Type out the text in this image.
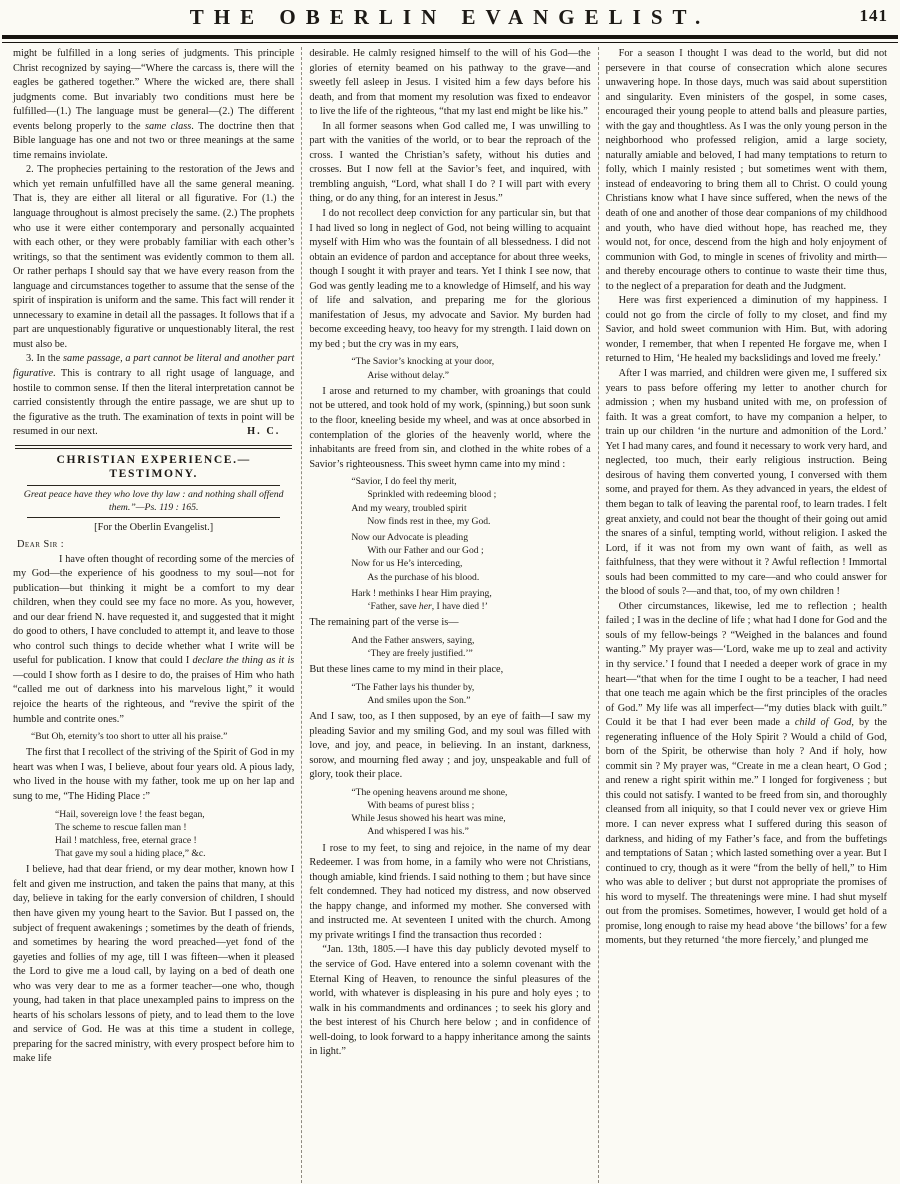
THE OBERLIN EVANGELIST.	141

might be fulfilled in a long series of judgments. This principle Christ recognized by saying—“Where the carcass is, there will the eagles be gathered together.” Where the wicked are, there shall judgments come. But invariably two conditions must here be fulfilled—(1.) The language must be general—(2.) The different events belong properly to the same class. The doctrine then that Bible language has one and not two or three meanings at the same time remains inviolate.

2. The prophecies pertaining to the restoration of the Jews and which yet remain unfulfilled have all the same general meaning. That is, they are either all literal or all figurative. For (1.) the language throughout is almost precisely the same. (2.) The prophets who use it were either contemporary and personally acquainted with each other, or they were probably familiar with each other’s writings, so that the sentiment was evidently common to them all. Or rather perhaps I should say that we have every reason from the language and circumstances together to assume that the sense of the spirit of inspiration is uniform and the same. This fact will render it unnecessary to examine in detail all the passages. It follows that if a part are unquestionably figurative or unquestionably literal, the rest must also be.

3. In the same passage, a part cannot be literal and another part figurative. This is contrary to all right usage of language, and hostile to common sense. If then the literal interpretation cannot be carried consistently through the entire passage, we are shut up to the figurative as the truth. The examination of texts in point will be resumed in our next.	H. C.

CHRISTIAN EXPERIENCE.—TESTIMONY.
Great peace have they who love thy law : and nothing shall offend them.”—Ps. 119 : 165.
[For the Oberlin Evangelist.]
Dear Sir :

I have often thought of recording some of the mercies of my God—the experience of his goodness to my soul—not for publication—but thinking it might be a comfort to my dear children, when they could see my face no more. As you, however, and our dear friend N. have requested it, and suggested that it might do good to others, I have concluded to attempt it, and leave to those who control such things to decide whether what I write will be useful for publication. I know that could I declare the thing as it is—could I show forth as I desire to do, the praises of Him who hath “called me out of darkness into his marvelous light,” it would rejoice the hearts of the righteous, and “revive the spirit of the humble and contrite ones.”

“But Oh, eternity’s too short to utter all his praise.”

The first that I recollect of the striving of the Spirit of God in my heart was when I was, I believe, about four years old. A pious lady, who lived in the house with my father, took me up on her lap and sung to me, “The Hiding Place :”

“Hail, sovereign love ! the feast began,
The scheme to rescue fallen man !
Hail ! matchless, free, eternal grace !
That gave my soul a hiding place,” &c.

I believe, had that dear friend, or my dear mother, known how I felt and given me instruction, and taken the pains that many, at this day, believe in taking for the early conversion of children, I should then have given my young heart to the Savior. But I passed on, the subject of frequent awakenings ; sometimes by the death of friends, and sometimes by hearing the word preached—yet fond of the gayeties and follies of my age, till I was fifteen—when it pleased the Lord to give me a loud call, by laying on a bed of death one who was very dear to me as a former teacher—one who, though young, had taken in that place unexampled pains to impress on the hearts of his scholars lessons of piety, and to lead them to the love and service of God. He was at this time a student in college, preparing for the sacred ministry, with every prospect before him to make life

desirable. He calmly resigned himself to the will of his God—the glories of eternity beamed on his pathway to the grave—and sweetly fell asleep in Jesus. I visited him a few days before his death, and from that moment my resolution was fixed to endeavor to live the life of the righteous, “that my last end might be like his.”

In all former seasons when God called me, I was unwilling to part with the vanities of the world, or to bear the reproach of the cross. I wanted the Christian’s safety, without his duties and crosses. But I now fell at the Savior’s feet, and inquired, with trembling anguish, “Lord, what shall I do ? I will part with every thing, or do any thing, for an interest in Jesus.”

I do not recollect deep conviction for any particular sin, but that I had lived so long in neglect of God, not being willing to acquaint myself with Him who was the fountain of all blessedness. I did not obtain an evidence of pardon and acceptance for about three weeks, though I sought it with prayer and tears. Yet I think I see now, that God was gently leading me to a knowledge of Himself, and his way of life and salvation, and preparing me for the glorious manifestation of Jesus, my advocate and Savior. My burden had become exceeding heavy, too heavy for my strength. I laid down on my bed ; but the cry was in my ears,

“The Savior’s knocking at your door,
Arise without delay.”

I arose and returned to my chamber, with groanings that could not be uttered, and took hold of my work, (spinning,) but soon sunk to the floor, kneeling beside my wheel, and was at once absorbed in contemplation of the glories of the heavenly world, where the inhabitants are freed from sin, and clothed in the white robes of a Savior’s righteousness. This sweet hymn came into my mind :

“Savior, I do feel thy merit,
Sprinkled with redeeming blood ;
And my weary, troubled spirit
Now finds rest in thee, my God.
Now our Advocate is pleading
With our Father and our God ;
Now for us He’s interceding,
As the purchase of his blood.
Hark ! methinks I hear Him praying,
‘Father, save her, I have died !’

The remaining part of the verse is—

And the Father answers, saying,
‘They are freely justified.’”

But these lines came to my mind in their place,

“The Father lays his thunder by,
And smiles upon the Son.”

And I saw, too, as I then supposed, by an eye of faith—I saw my pleading Savior and my smiling God, and my soul was filled with love, and joy, and peace, in believing. In an instant, darkness, sorow, and mourning fled away ; and joy, unspeakable and full of glory, took their place.

“The opening heavens around me shone,
With beams of purest bliss ;
While Jesus showed his heart was mine,
And whispered I was his.”

I rose to my feet, to sing and rejoice, in the name of my dear Redeemer. I was from home, in a family who were not Christians, though amiable, kind friends. I said nothing to them ; but have since felt condemned. They had noticed my distress, and now observed the happy change, and informed my mother. She conversed with and instructed me. At seventeen I united with the church. Among my private writings I find the transaction thus recorded :

“Jan. 13th, 1805.—I have this day publicly devoted myself to the service of God. Have entered into a solemn covenant with the Eternal King of Heaven, to renounce the sinful pleasures of the world, with whatever is displeasing in his pure and holy eyes ; to walk in his commandments and ordinances ; to seek his glory and the best interest of his Church here below ; and in confidence of well-doing, to look forward to a happy inheritance among the saints in light.”

For a season I thought I was dead to the world, but did not persevere in that course of consecration which alone secures unwavering hope. In those days, much was said about superstition and singularity. Even ministers of the gospel, in some cases, encouraged their young people to attend balls and pleasure parties, with the gay and thoughtless. As I was the only young person in the neighborhood who professed religion, amid a large society, naturally amiable and beloved, I had many temptations to return to folly, which I mainly resisted ; but sometimes went with them, instead of endeavoring to bring them all to Christ. O could young Christians know what I have since suffered, when the news of the death of one and another of those dear companions of my childhood and youth, who have died without hope, has reached me, they would not, for once, descend from the high and holy enjoyment of communion with God, to mingle in scenes of frivolity and mirth—and thereby encourage others to continue to waste their time thus, to the neglect of a preparation for death and the Judgment.

Here was first experienced a diminution of my happiness. I could not go from the circle of folly to my closet, and find my Savior, and hold sweet communion with Him. But, with adoring wonder, I remember, that when I repented He forgave me, when I returned to Him, ‘He healed my backslidings and loved me freely.’

After I was married, and children were given me, I suffered six years to pass before offering my letter to another church for admission ; when my husband united with me, on profession of faith. It was a great comfort, to have my companion a helper, to train up our children ‘in the nurture and admonition of the Lord.’ Yet I had many cares, and found it necessary to work very hard, and neglected, too much, their early religious instruction. Being desirous of having them converted young, I conversed with them some, and prayed for them. As they advanced in years, the eldest of them began to talk of leaving the parental roof, to learn trades. I felt great anxiety, and could not bear the thought of their going out amid the snares of a sinful, tempting world, without religion. I asked the Lord, if it was not from my own want of faith, as well as faithfulness, that they were without it ? Awful reflection ! Immortal souls had been committed to my care—and who could answer for the blood of souls ?—and that, too, of my own children !

Other circumstances, likewise, led me to reflection ; health failed ; I was in the decline of life ; what had I done for God and the souls of my fellow-beings ? “Weighed in the balances and found wanting.” My prayer was—‘Lord, wake me up to zeal and activity in thy service.’ I found that I needed a deeper work of grace in my heart—“that when for the time I ought to be a teacher, I had need that one teach me again which be the first principles of the oracles of God.” My life was all imperfect—“my duties black with guilt.” Could it be that I had ever been made a child of God, by the regenerating influence of the Holy Spirit ? Would a child of God, born of the Spirit, be otherwise than holy ? And if holy, how commit sin ? My prayer was, “Create in me a clean heart, O God ; and renew a right spirit within me.” I longed for forgiveness ; but this could not satisfy. I wanted to be freed from sin, and thoroughly cleansed from all iniquity, so that I could never vex or grieve Him more. I can never express what I suffered during this season of darkness, and hiding of my Father’s face, and from the buffetings and temptations of Satan ; which lasted something over a year. But I continued to cry, though as it were “from the belly of hell,” to Him who was able to deliver ; but durst not appropriate the promises of his word to myself. The threatenings were mine. I had shut myself out from the promises. Sometimes, however, I would get hold of a promise, long enough to raise my head above ‘the billows’ for a few moments, but they returned ‘the more fiercely,’ and plunged me
